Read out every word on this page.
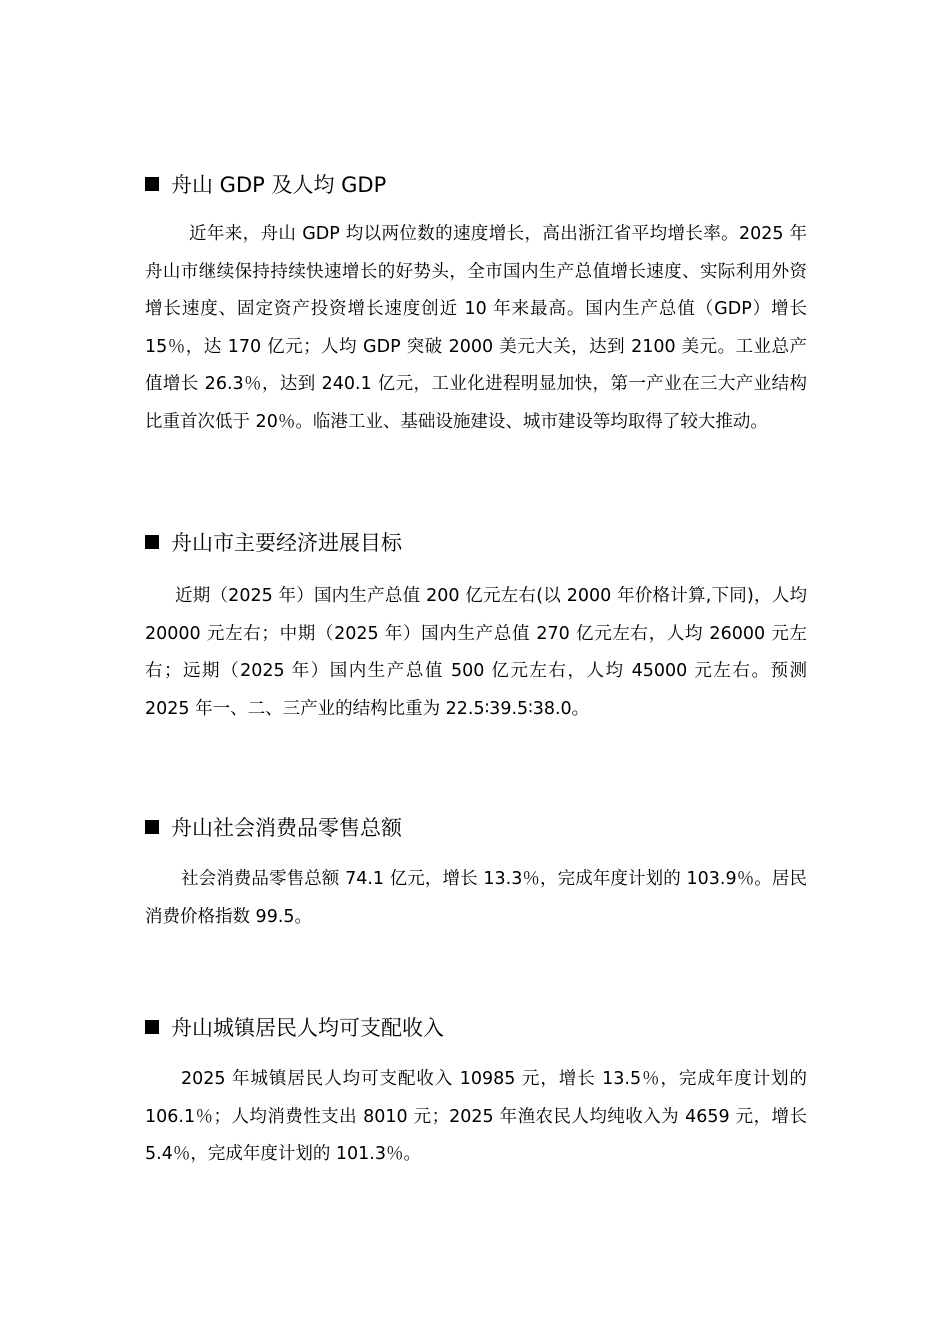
舟山 GDP 及人均 GDP

近年来，舟山 GDP 均以两位数的速度增长，高出浙江省平均增长率。2025 年舟山市继续保持持续快速增长的好势头，全市国内生产总值增长速度、实际利用外资增长速度、固定资产投资增长速度创近 10 年来最高。国内生产总值（GDP）增长 15％，达 170 亿元；人均 GDP 突破 2000 美元大关，达到 2100 美元。工业总产值增长 26.3％，达到 240.1 亿元，工业化进程明显加快，第一产业在三大产业结构比重首次低于 20％。临港工业、基础设施建设、城市建设等均取得了较大推动。

舟山市主要经济进展目标

近期（2025 年）国内生产总值 200 亿元左右(以 2000 年价格计算,下同)，人均 20000 元左右；中期（2025 年）国内生产总值 270 亿元左右，人均 26000 元左右；远期（2025 年）国内生产总值 500 亿元左右，人均 45000 元左右。预测 2025 年一、二、三产业的结构比重为 22.5∶39.5∶38.0。

舟山社会消费品零售总额

社会消费品零售总额 74.1 亿元，增长 13.3％，完成年度计划的 103.9％。居民消费价格指数 99.5。

舟山城镇居民人均可支配收入

2025 年城镇居民人均可支配收入 10985 元，增长 13.5％，完成年度计划的 106.1％；人均消费性支出 8010 元；2025 年渔农民人均纯收入为 4659 元，增长 5.4％，完成年度计划的 101.3％。
